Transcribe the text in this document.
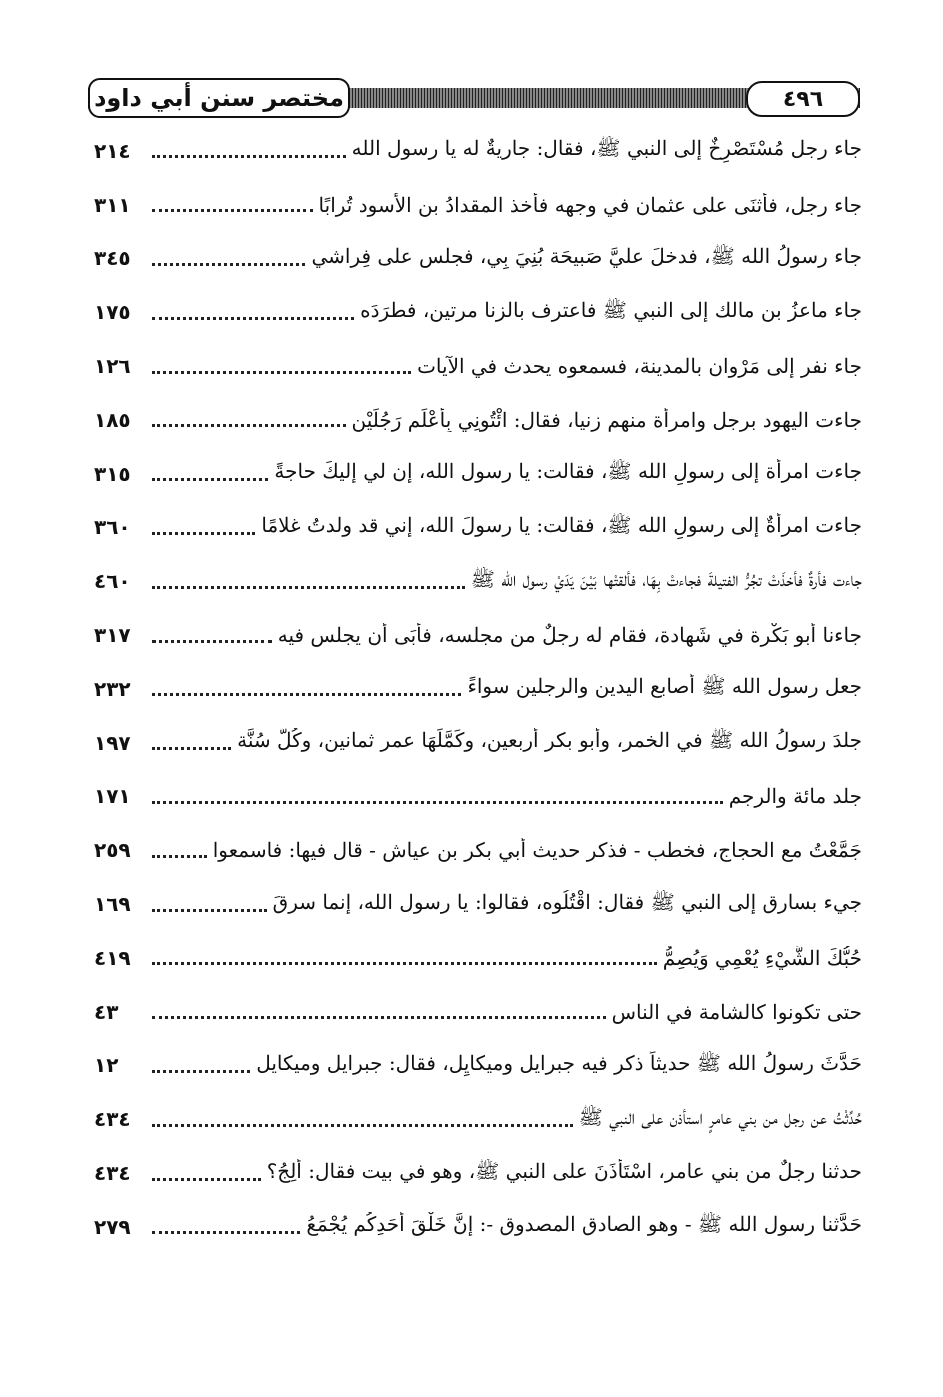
مختصر سنن أبي داود	٤٩٦
٢١٤	جاء رجل مُسْتَصْرِخٌ إلى النبي ﷺ، فقال: جاريةٌ له يا رسول الله
٣١١	جاء رجل، فأثنَى على عثمان في وجهه فأخذ المقدادُ بن الأسود تُرابًا
٣٤٥	جاء رسولُ الله ﷺ، فدخلَ عليَّ صَبيحَة بُنِيَ بِي، فجلس على فِراشي
١٧٥	جاء ماعزُ بن مالك إلى النبي ﷺ فاعترف بالزنا مرتين، فطرَدَه
١٢٦	جاء نفر إلى مَرْوان بالمدينة، فسمعوه يحدث في الآيات
١٨٥	جاءت اليهود برجل وامرأة منهم زنيا، فقال: ائْتُونِي بِأَعْلَمِ رَجُلَيْنِ
٣١٥	جاءت امرأة إلى رسولِ الله ﷺ، فقالت: يا رسول الله، إن لي إليكَ حاجةً
٣٦٠	جاءت امرأةٌ إلى رسولِ الله ﷺ، فقالت: يا رسولَ الله، إني قد ولدتُ غلامًا
٤٦٠	جاءت فأرةٌ فأخذَتْ تجُرُّ الفتيلةَ فجاءتْ بِهَا، فألقتْها بَيْنَ يَدَيْ رسول الله ﷺ
٣١٧	جاءنا أبو بَكْرة في شَهادة، فقام له رجلٌ من مجلسه، فأبَى أن يجلس فيه
٢٣٢	جعل رسول الله ﷺ أصابع اليدين والرجلين سواءً
١٩٧	جلدَ رسولُ الله ﷺ في الخمر، وأبو بكر أربعين، وكَمَّلَهَا عمر ثمانين، وكُلٌّ سُنَّة
١٧١	جلد مائة والرجم
٢٥٩	جَمَّعْتُ مع الحجاج، فخطب - فذكر حديث أبي بكر بن عياش - قال فيها: فاسمعوا
١٦٩	جيء بسارق إلى النبي ﷺ فقال: اقْتُلُوه، فقالوا: يا رسول الله، إنما سرقَ
٤١٩	حُبُّكَ الشَّيْءِ يُعْمِي وَيُصِمُّ
٤٣	حتى تكونوا كالشامة في الناس
١٢	حَدَّثَ رسولُ الله ﷺ حديثاً ذكر فيه جبرايل وميكايِل، فقال: جبرايل وميكايل
٤٣٤	حُدِّثْتُ عن رجل من بني عامرٍ استأذن على النبي ﷺ
٤٣٤	حدثنا رجلٌ من بني عامر، اسْتَأْذَنَ على النبي ﷺ، وهو في بيت فقال: أَلِجُ؟
٢٧٩	حَدَّثنا رسول الله ﷺ - وهو الصادق المصدوق -: إنَّ خَلْقَ أَحَدِكُم يُجْمَعُ
